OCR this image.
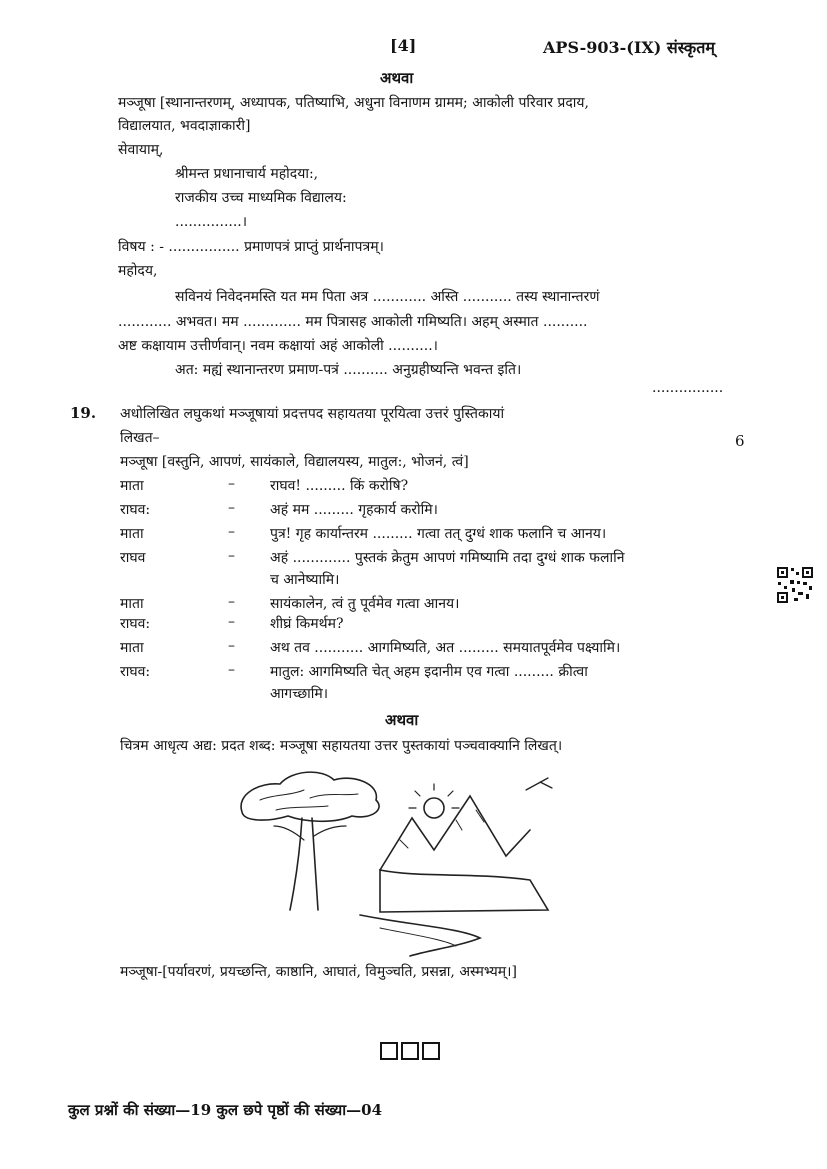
[4]	APS-903-(IX) संस्कृतम्
अथवा
मञ्जूषा [स्थानान्तरणम्, अध्यापक, पतिष्याभि, अधुना विनाणम ग्रामम; आकोली परिवार प्रदाय,
विद्यालयात, भवदाज्ञाकारी]
सेवायाम्,
श्रीमन्त प्रधानाचार्य महोदया:,
राजकीय उच्च माध्यमिक विद्यालय:
...............।
विषय : - ................ प्रमाणपत्रं प्राप्तुं प्रार्थनापत्रम्।
महोदय,
सविनयं निवेदनमस्ति यत मम पिता अत्र ............ अस्ति ........... तस्य स्थानान्तरणं
............ अभवत। मम ............. मम पित्रासह आकोली गमिष्यति। अहम् अस्मात ..........
अष्ट कक्षायाम उत्तीर्णवान्। नवम कक्षायां अहं आकोली ..........।
अत: मह्यं स्थानान्तरण प्रमाण-पत्रं .......... अनुग्रहीष्यन्ति भवन्त इति।
................
19. अधोलिखित लघुकथां मञ्जूषायां प्रदत्तपद सहायतया पूरयित्वा उत्तरं पुस्तिकायां
लिखत–	6
मञ्जूषा [वस्तुनि, आपणं, सायंकाले, विद्यालयस्य, मातुल:, भोजनं, त्वं]
माता	–	राघव! ......... किं करोषि?
राघव:	–	अहं मम ......... गृहकार्य करोमि।
माता	–	पुत्र! गृह कार्यान्तरम ......... गत्वा तत् दुग्धं शाक फलानि च आनय।
राघव	–	अहं ............. पुस्तकं क्रेतुम आपणं गमिष्यामि तदा दुग्धं शाक फलानि
च आनेष्यामि।
माता	–	सायंकालेन, त्वं तु पूर्वमेव गत्वा आनय।
राघव:	–	शीघ्रं किमर्थम?
माता	–	अथ तव ........... आगमिष्यति, अत ......... समयातपूर्वमेव पक्ष्यामि।
राघव:	–	मातुल: आगमिष्यति चेत् अहम इदानीम एव गत्वा ......... क्रीत्वा
आगच्छामि।
अथवा
चित्रम आधृत्य अद्य: प्रदत शब्द: मञ्जूषा सहायतया उत्तर पुस्तकायां पञ्चवाक्यानि लिखत्।
मञ्जूषा-[पर्यावरणं, प्रयच्छन्ति, काष्ठानि, आघातं, विमुञ्चति, प्रसन्ना, अस्मभ्यम्।]
कुल प्रश्नों की संख्या—19 कुल छपे पृष्ठों की संख्या—04
